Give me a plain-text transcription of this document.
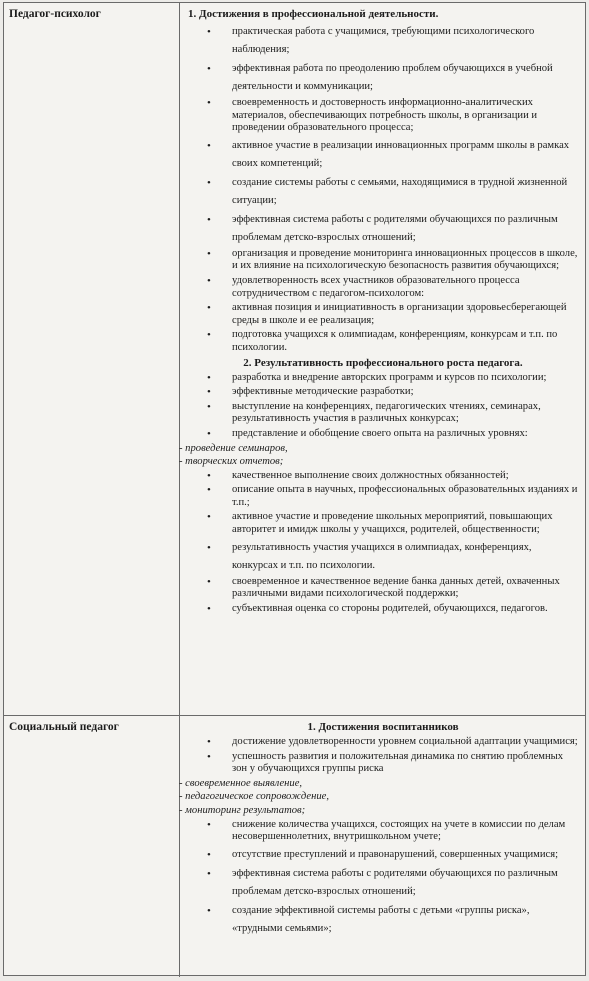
Педагог-психолог	1. Достижения в профессиональной деятельности.
• практическая работа с учащимися, требующими психологического наблюдения;
• эффективная работа по преодолению проблем обучающихся в учебной деятельности и коммуникации;
• своевременность и достоверность информационно-аналитических материалов, обеспечивающих потребность школы, в организации и проведении образовательного процесса;
• активное участие в реализации инновационных программ школы в рамках своих компетенций;
• создание системы работы с семьями, находящимися в трудной жизненной ситуации;
• эффективная система работы с родителями обучающихся по различным проблемам детско-взрослых отношений;
• организация и проведение мониторинга инновационных процессов в школе, и их влияние на психологическую безопасность развития обучающихся;
• удовлетворенность всех участников образовательного процесса сотрудничеством с педагогом-психологом:
• активная позиция и инициативность в организации здоровьесберегающей среды в школе и ее реализация;
• подготовка учащихся к олимпиадам, конференциям, конкурсам и т.п. по психологии.
2. Результативность профессионального роста педагога.
• разработка и внедрение авторских программ и курсов по психологии;
• эффективные методические разработки;
• выступление на конференциях, педагогических чтениях, семинарах, результативность участия в различных конкурсах;
• представление и обобщение своего опыта на различных уровнях:
- проведение семинаров,
- творческих отчетов;
• качественное выполнение своих должностных обязанностей;
• описание опыта в научных, профессиональных образовательных изданиях и т.п.;
• активное участие и проведение школьных мероприятий, повышающих авторитет и имидж школы у учащихся, родителей, общественности;
• результативность участия учащихся в олимпиадах, конференциях, конкурсах и т.п. по психологии.
• своевременное и качественное ведение банка данных детей, охваченных различными видами психологической поддержки;
• субъективная оценка со стороны родителей, обучающихся, педагогов.
Социальный педагог	1. Достижения воспитанников
• достижение удовлетворенности уровнем социальной адаптации учащимися;
• успешность развития и положительная динамика по снятию проблемных зон у обучающихся группы риска
- своевременное выявление,
- педагогическое сопровождение,
- мониторинг результатов;
• снижение количества учащихся, состоящих на учете в комиссии по делам несовершеннолетних, внутришкольном учете;
• отсутствие преступлений и правонарушений, совершенных учащимися;
• эффективная система работы с родителями обучающихся по различным проблемам детско-взрослых отношений;
• создание эффективной системы работы с детьми «группы риска», «трудными семьями»;
